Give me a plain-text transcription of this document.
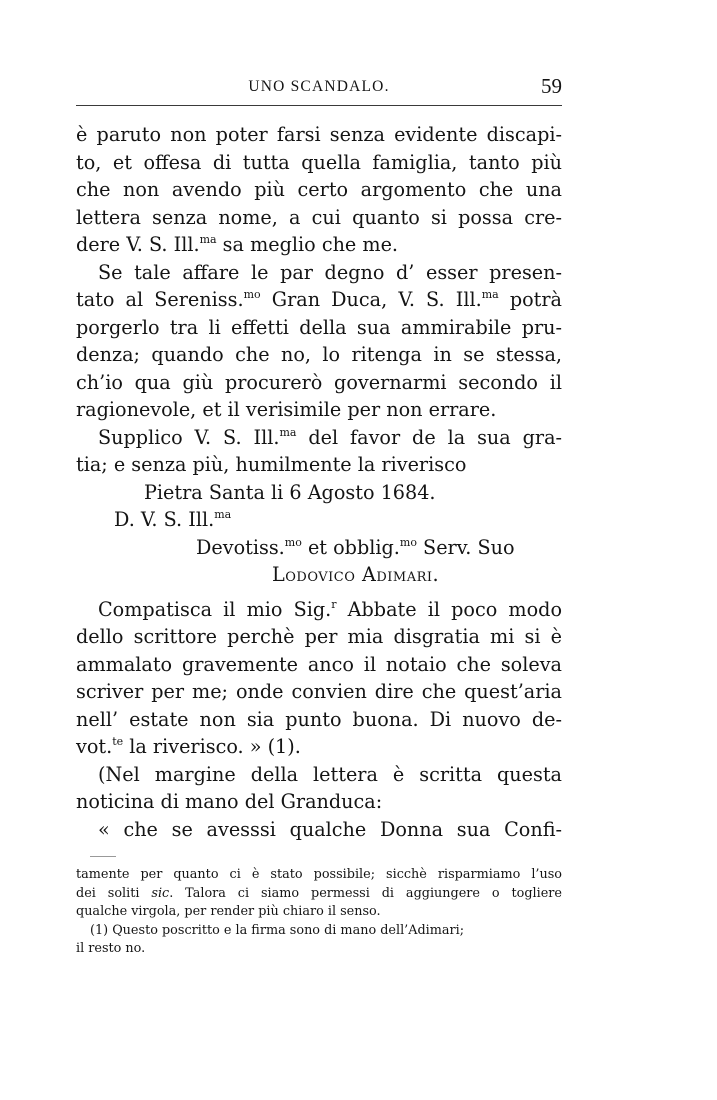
UNO SCANDALO.	59
è paruto non poter farsi senza evidente discapi-
to, et offesa di tutta quella famiglia, tanto più
che non avendo più certo argomento che una
lettera senza nome, a cui quanto si possa cre-
dere V. S. Ill.$^{ma}$ sa meglio che me.
Se tale affare le par degno d’ esser presen-
tato al Sereniss.$^{mo}$ Gran Duca, V. S. Ill.$^{ma}$ potrà
porgerlo tra li effetti della sua ammirabile pru-
denza; quando che no, lo ritenga in se stessa,
ch’io qua giù procurerò governarmi secondo il
ragionevole, et il verisimile per non errare.
Supplico V. S. Ill.$^{ma}$ del favor de la sua gra-
tia; e senza più, humilmente la riverisco
Pietra Santa li 6 Agosto 1684.
D. V. S. Ill.$^{ma}$
Devotiss.$^{mo}$ et obblig.$^{mo}$ Serv. Suo
Lodovico Adimari.
Compatisca il mio Sig.$^r$ Abbate il poco modo
dello scrittore perchè per mia disgratia mi si è
ammalato gravemente anco il notaio che soleva
scriver per me; onde convien dire che quest’aria
nell’ estate non sia punto buona. Di nuovo de-
vot.$^{te}$ la riverisco. » (1).
(Nel margine della lettera è scritta questa
noticina di mano del Granduca:
« che se avesssi qualche Donna sua Confi-
tamente per quanto ci è stato possibile; sicchè risparmiamo l’uso
dei soliti sic. Talora ci siamo permessi di aggiungere o togliere
qualche virgola, per render più chiaro il senso.
(1) Questo poscritto e la firma sono di mano dell’Adimari;
il resto no.
